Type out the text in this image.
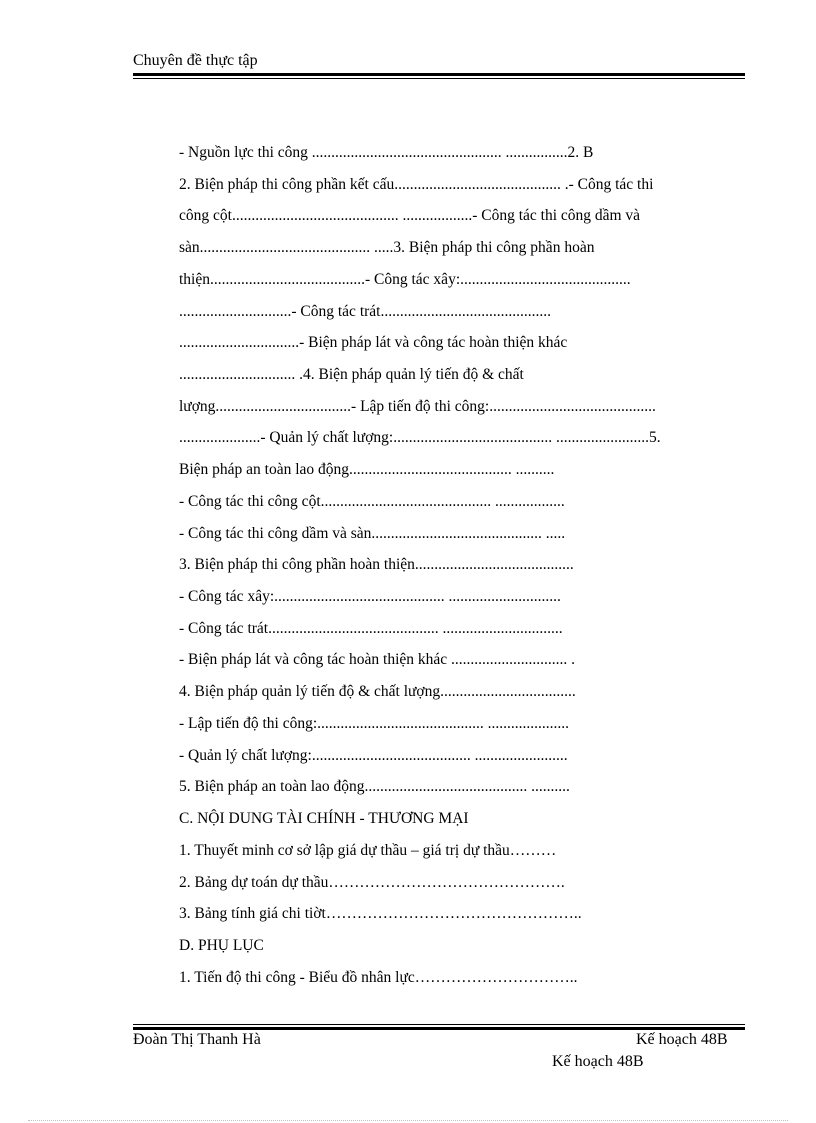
Chuyên đề thực tập
- Nguồn lực thi công ................................................. ................2. B
2. Biện pháp thi công phần kết cấu........................................... .- Công tác thi
công cột........................................... ..................- Công tác thi công dầm và
sàn............................................ .....3. Biện pháp thi công phần hoàn
thiện........................................- Công tác xây:............................................
.............................- Công tác trát............................................
...............................- Biện pháp lát và công tác hoàn thiện khác
.............................. .4. Biện pháp quản lý tiến độ & chất
lượng...................................- Lập tiến độ thi công:...........................................
.....................- Quản lý chất lượng:......................................... ........................5.
Biện pháp an toàn lao động.......................................... ..........
- Công tác thi công cột............................................ ..................
- Công tác thi công dầm và sàn............................................ .....
3. Biện pháp thi công phần hoàn thiện.........................................
- Công tác xây:............................................ .............................
- Công tác trát............................................ ...............................
- Biện pháp lát và công tác hoàn thiện khác .............................. .
4. Biện pháp quản lý tiến độ & chất lượng...................................
- Lập tiến độ thi công:........................................... .....................
- Quản lý chất lượng:......................................... ........................
5. Biện pháp an toàn lao động.......................................... ..........
C. NỘI DUNG TÀI CHÍNH - THƯƠNG MẠI
1. Thuyết minh cơ sở lập giá dự thầu – giá trị dự thầu………
2. Bảng dự toán dự thầu……………………………………….
3. Bảng tính giá chi tiờt…………………………………………..
D. PHỤ LỤC
1. Tiến độ thi công - Biểu đồ nhân lực…………………………..
Đoàn Thị Thanh Hà	Kế hoạch 48B
Kế hoạch 48B
